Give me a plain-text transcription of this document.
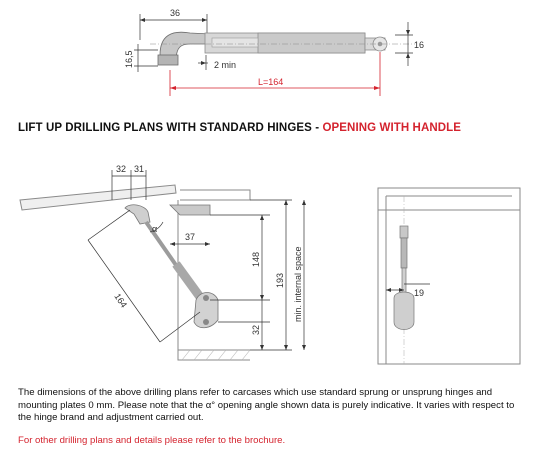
36
16
16,5	2 min
L=164
LIFT UP DRILLING PLANS WITH STANDARD HINGES - OPENING WITH HANDLE
32 31
α
37
148
32
193 min. internal space
164	19
The dimensions of the above drilling plans refer to carcases which use standard sprung or unsprung hinges and mounting plates 0 mm. Please note that the α° opening angle shown data is purely indicative. It varies with respect to the hinge brand and adjustment carried out.
For other drilling plans and details please refer to the brochure.
